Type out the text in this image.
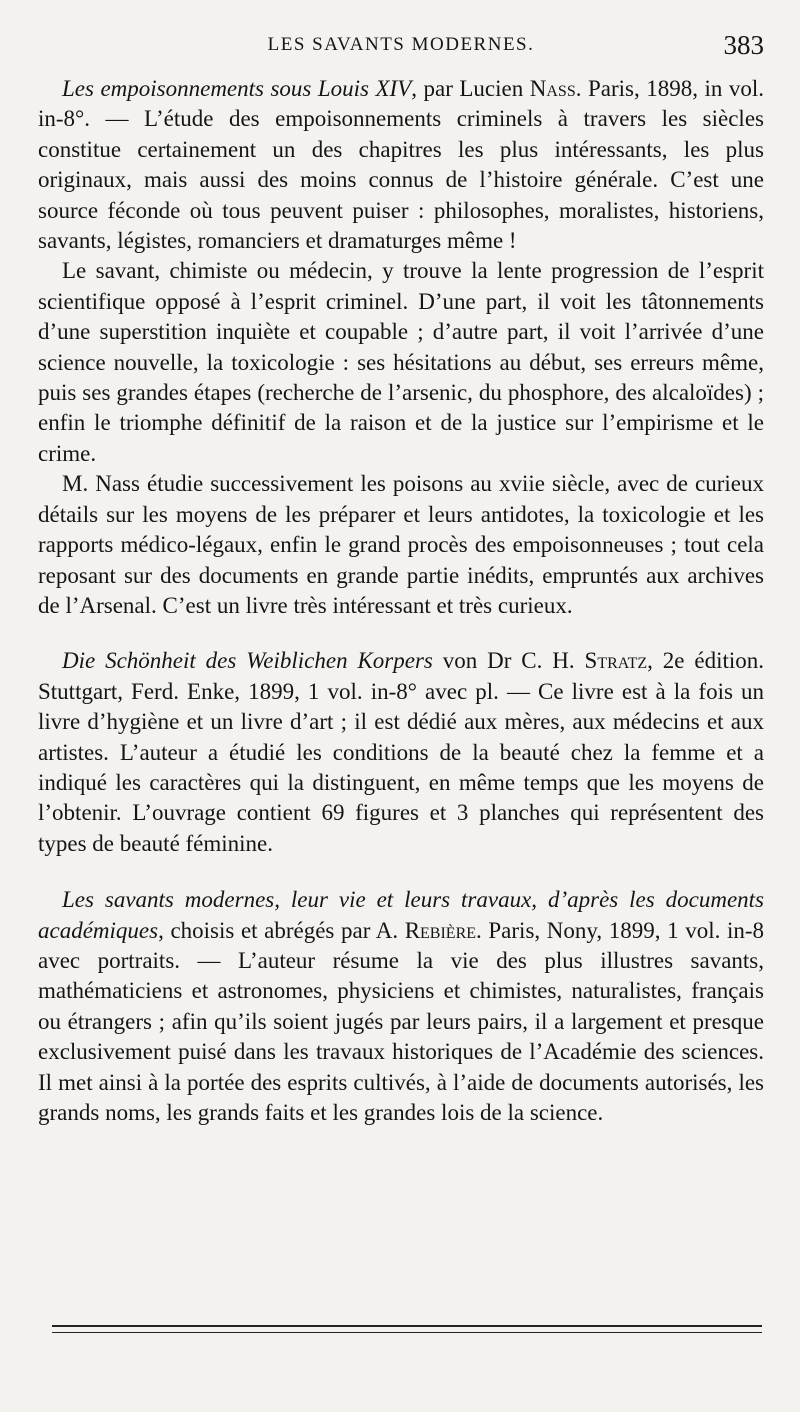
LES SAVANTS MODERNES.	383

Les empoisonnements sous Louis XIV, par Lucien Nass. Paris, 1898, in vol. in-8°. — L’étude des empoisonnements criminels à travers les siècles constitue certainement un des chapitres les plus intéressants, les plus originaux, mais aussi des moins connus de l’histoire générale. C’est une source féconde où tous peuvent puiser : philosophes, moralistes, historiens, savants, légistes, romanciers et dramaturges même !

Le savant, chimiste ou médecin, y trouve la lente progression de l’esprit scientifique opposé à l’esprit criminel. D’une part, il voit les tâtonnements d’une superstition inquiète et coupable ; d’autre part, il voit l’arrivée d’une science nouvelle, la toxicologie : ses hésitations au début, ses erreurs même, puis ses grandes étapes (recherche de l’arsenic, du phosphore, des alcaloïdes) ; enfin le triomphe définitif de la raison et de la justice sur l’empirisme et le crime.

M. Nass étudie successivement les poisons au xviie siècle, avec de curieux détails sur les moyens de les préparer et leurs antidotes, la toxicologie et les rapports médico-légaux, enfin le grand procès des empoisonneuses ; tout cela reposant sur des documents en grande partie inédits, empruntés aux archives de l’Arsenal. C’est un livre très intéressant et très curieux.

Die Schönheit des Weiblichen Korpers von Dr C. H. Stratz, 2e édition. Stuttgart, Ferd. Enke, 1899, 1 vol. in-8° avec pl. — Ce livre est à la fois un livre d’hygiène et un livre d’art ; il est dédié aux mères, aux médecins et aux artistes. L’auteur a étudié les conditions de la beauté chez la femme et a indiqué les caractères qui la distinguent, en même temps que les moyens de l’obtenir. L’ouvrage contient 69 figures et 3 planches qui représentent des types de beauté féminine.

Les savants modernes, leur vie et leurs travaux, d’après les documents académiques, choisis et abrégés par A. Rebière. Paris, Nony, 1899, 1 vol. in-8 avec portraits. — L’auteur résume la vie des plus illustres savants, mathématiciens et astronomes, physiciens et chimistes, naturalistes, français ou étrangers ; afin qu’ils soient jugés par leurs pairs, il a largement et presque exclusivement puisé dans les travaux historiques de l’Académie des sciences. Il met ainsi à la portée des esprits cultivés, à l’aide de documents autorisés, les grands noms, les grands faits et les grandes lois de la science.
